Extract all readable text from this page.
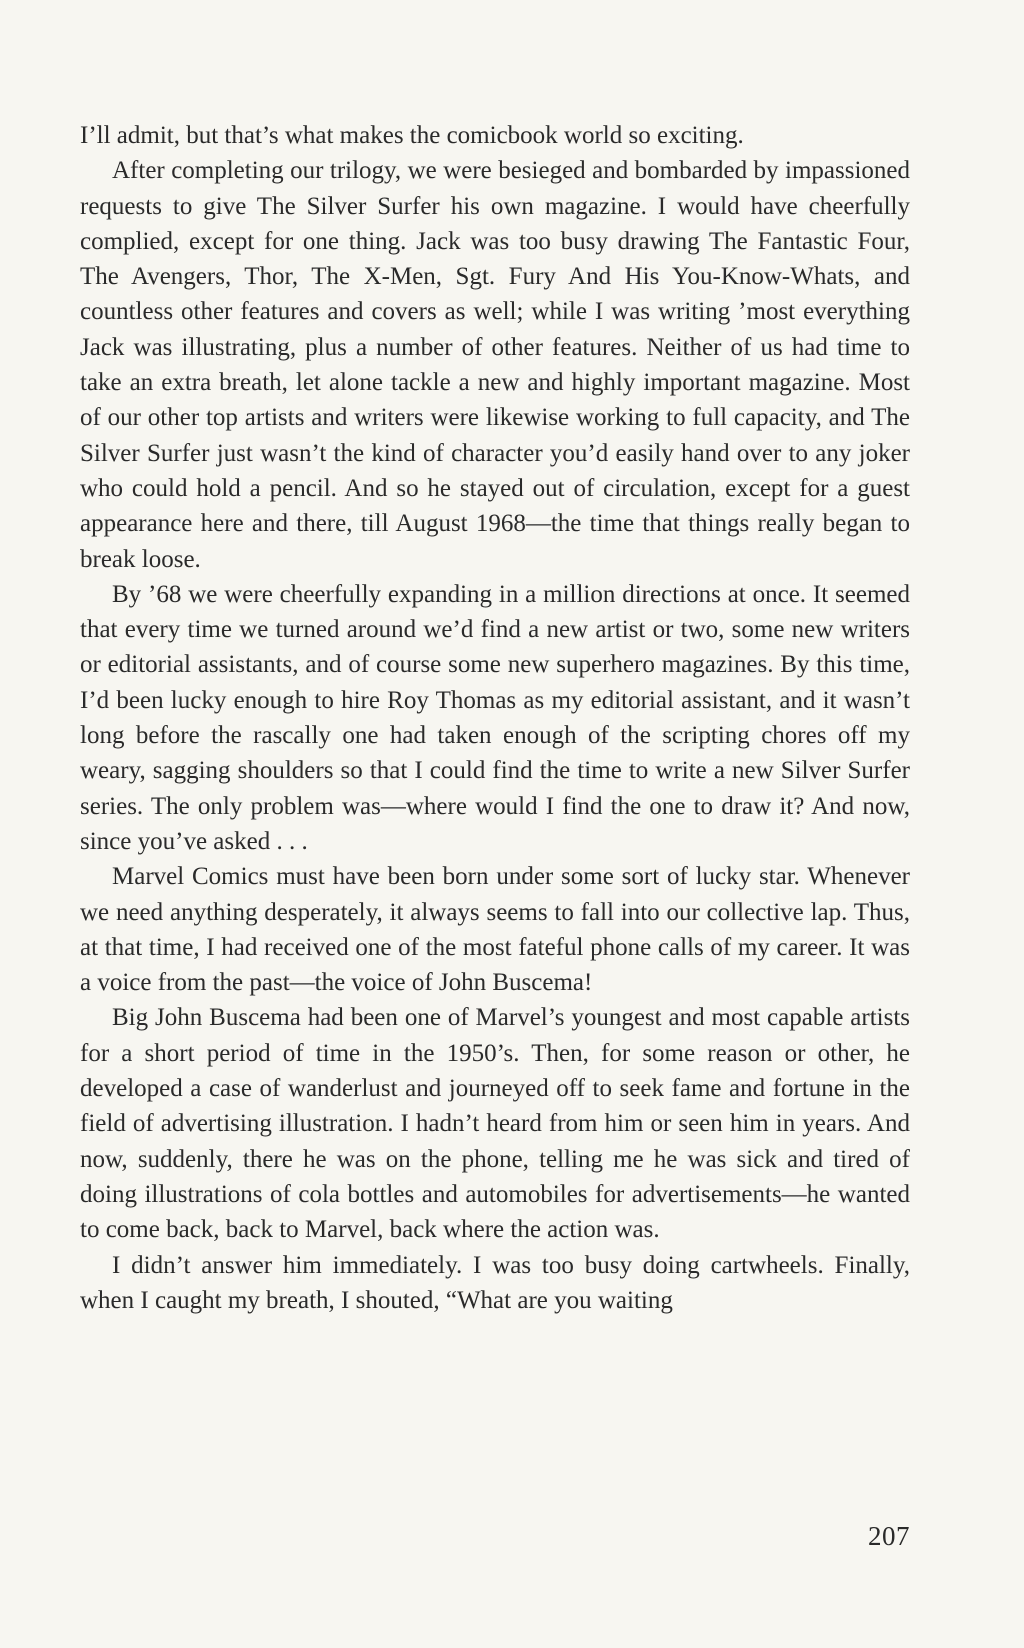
I’ll admit, but that’s what makes the comicbook world so exciting.

After completing our trilogy, we were besieged and bombarded by impassioned requests to give The Silver Surfer his own magazine. I would have cheerfully complied, except for one thing. Jack was too busy drawing The Fantastic Four, The Avengers, Thor, The X-Men, Sgt. Fury And His You-Know-Whats, and countless other features and covers as well; while I was writing ’most everything Jack was illustrating, plus a number of other features. Neither of us had time to take an extra breath, let alone tackle a new and highly important magazine. Most of our other top artists and writers were likewise working to full capacity, and The Silver Surfer just wasn’t the kind of character you’d easily hand over to any joker who could hold a pencil. And so he stayed out of circulation, except for a guest appearance here and there, till August 1968—the time that things really began to break loose.

By ’68 we were cheerfully expanding in a million directions at once. It seemed that every time we turned around we’d find a new artist or two, some new writers or editorial assistants, and of course some new superhero magazines. By this time, I’d been lucky enough to hire Roy Thomas as my editorial assistant, and it wasn’t long before the rascally one had taken enough of the scripting chores off my weary, sagging shoulders so that I could find the time to write a new Silver Surfer series. The only problem was—where would I find the one to draw it? And now, since you’ve asked . . .

Marvel Comics must have been born under some sort of lucky star. Whenever we need anything desperately, it always seems to fall into our collective lap. Thus, at that time, I had received one of the most fateful phone calls of my career. It was a voice from the past—the voice of John Buscema!

Big John Buscema had been one of Marvel’s youngest and most capable artists for a short period of time in the 1950’s. Then, for some reason or other, he developed a case of wanderlust and journeyed off to seek fame and fortune in the field of advertising illustration. I hadn’t heard from him or seen him in years. And now, suddenly, there he was on the phone, telling me he was sick and tired of doing illustrations of cola bottles and automobiles for advertisements—he wanted to come back, back to Marvel, back where the action was.

I didn’t answer him immediately. I was too busy doing cartwheels. Finally, when I caught my breath, I shouted, “What are you waiting

207
